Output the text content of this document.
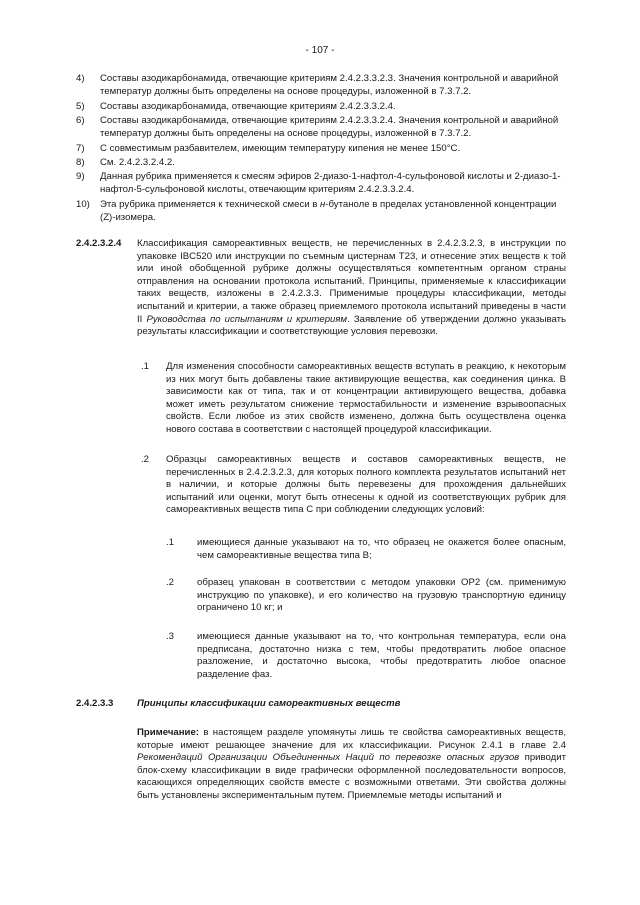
- 107 -
4)	Составы азодикарбонамида, отвечающие критериям 2.4.2.3.3.2.3. Значения контрольной и аварийной температур должны быть определены на основе процедуры, изложенной в 7.3.7.2.
5)	Составы азодикарбонамида, отвечающие критериям 2.4.2.3.3.2.4.
6)	Составы азодикарбонамида, отвечающие критериям 2.4.2.3.3.2.4. Значения контрольной и аварийной температур должны быть определены на основе процедуры, изложенной в 7.3.7.2.
7)	С совместимым разбавителем, имеющим температуру кипения не менее 150°С.
8)	См. 2.4.2.3.2.4.2.
9)	Данная рубрика применяется к смесям эфиров 2-диазо-1-нафтол-4-сульфоновой кислоты и 2-диазо-1-нафтол-5-сульфоновой кислоты, отвечающим критериям 2.4.2.3.3.2.4.
10)	Эта рубрика применяется к технической смеси в н-бутаноле в пределах установленной концентрации (Z)-изомера.
2.4.2.3.2.4 Классификация самореактивных веществ, не перечисленных в 2.4.2.3.2.3, в инструкции по упаковке IBC520 или инструкции по съемным цистернам T23, и отнесение этих веществ к той или иной обобщенной рубрике должны осуществляться компетентным органом страны отправления на основании протокола испытаний. Принципы, применяемые к классификации таких веществ, изложены в 2.4.2.3.3. Применимые процедуры классификации, методы испытаний и критерии, а также образец приемлемого протокола испытаний приведены в части II Руководства по испытаниям и критериям. Заявление об утверждении должно указывать результаты классификации и соответствующие условия перевозки.
.1 Для изменения способности самореактивных веществ вступать в реакцию, к некоторым из них могут быть добавлены такие активирующие вещества, как соединения цинка. В зависимости как от типа, так и от концентрации активирующего вещества, добавка может иметь результатом снижение термостабильности и изменение взрывоопасных свойств. Если любое из этих свойств изменено, должна быть осуществлена оценка нового состава в соответствии с настоящей процедурой классификации.
.2 Образцы самореактивных веществ и составов самореактивных веществ, не перечисленных в 2.4.2.3.2.3, для которых полного комплекта результатов испытаний нет в наличии, и которые должны быть перевезены для прохождения дальнейших испытаний или оценки, могут быть отнесены к одной из соответствующих рубрик для самореактивных веществ типа C при соблюдении следующих условий:
.1 имеющиеся данные указывают на то, что образец не окажется более опасным, чем самореактивные вещества типа B;
.2 образец упакован в соответствии с методом упаковки OP2 (см. применимую инструкцию по упаковке), и его количество на грузовую транспортную единицу ограничено 10 кг; и
.3 имеющиеся данные указывают на то, что контрольная температура, если она предписана, достаточно низка с тем, чтобы предотвратить любое опасное разложение, и достаточно высока, чтобы предотвратить любое опасное разделение фаз.
2.4.2.3.3 Принципы классификации самореактивных веществ
Примечание: в настоящем разделе упомянуты лишь те свойства самореактивных веществ, которые имеют решающее значение для их классификации. Рисунок 2.4.1 в главе 2.4 Рекомендаций Организации Объединенных Наций по перевозке опасных грузов приводит блок-схему классификации в виде графически оформленной последовательности вопросов, касающихся определяющих свойств вместе с возможными ответами. Эти свойства должны быть установлены экспериментальным путем. Приемлемые методы испытаний и
